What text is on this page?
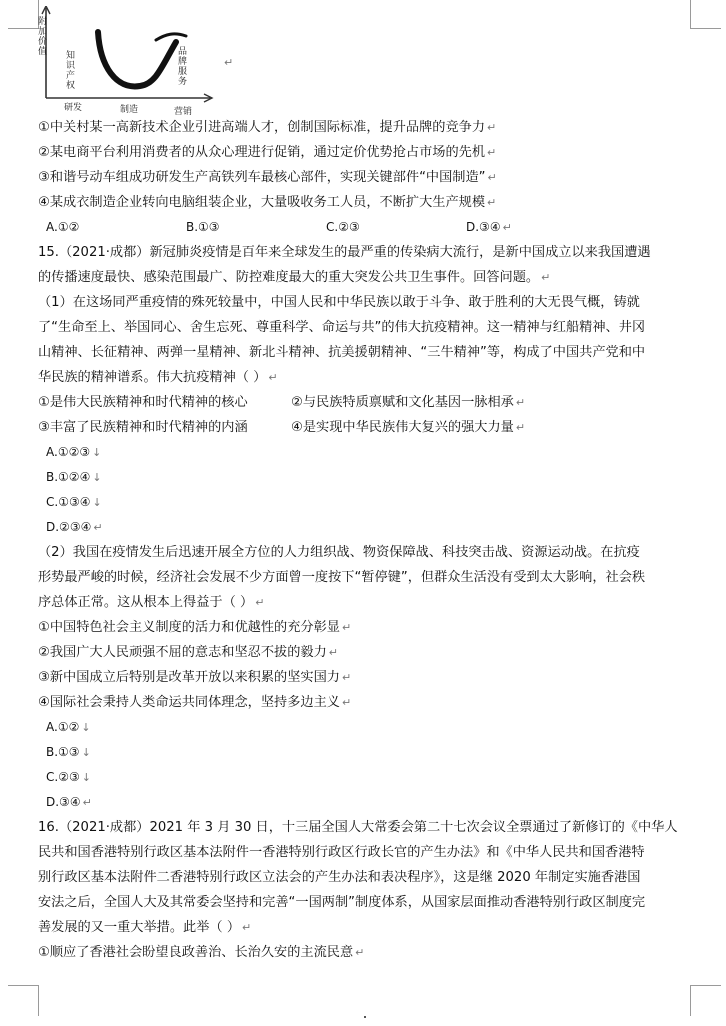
附加价值
知识产权	品牌服务
研发	制造	营销
↵
①中关村某一高新技术企业引进高端人才，创制国际标准，提升品牌的竞争力 ↵
②某电商平台利用消费者的从众心理进行促销，通过定价优势抢占市场的先机 ↵
③和谐号动车组成功研发生产高铁列车最核心部件，实现关键部件“中国制造” ↵
④某成衣制造企业转向电脑组装企业，大量吸收务工人员，不断扩大生产规模 ↵
A.①②	B.①③	C.②③	D.③④ ↵
15.（2021·成都）新冠肺炎疫情是百年来全球发生的最严重的传染病大流行，是新中国成立以来我国遭遇
的传播速度最快、感染范围最广、防控难度最大的重大突发公共卫生事件。回答问题。 ↵
（1）在这场同严重疫情的殊死较量中，中国人民和中华民族以敢于斗争、敢于胜利的大无畏气概，铸就
了“生命至上、举国同心、舍生忘死、尊重科学、命运与共”的伟大抗疫精神。这一精神与红船精神、井冈
山精神、长征精神、两弹一星精神、新北斗精神、抗美援朝精神、“三牛精神”等，构成了中国共产党和中
华民族的精神谱系。伟大抗疫精神（ ） ↵
①是伟大民族精神和时代精神的核心	②与民族特质禀赋和文化基因一脉相承 ↵
③丰富了民族精神和时代精神的内涵	④是实现中华民族伟大复兴的强大力量 ↵
A.①②③ ↓
B.①②④ ↓
C.①③④ ↓
D.②③④ ↵
（2）我国在疫情发生后迅速开展全方位的人力组织战、物资保障战、科技突击战、资源运动战。在抗疫
形势最严峻的时候，经济社会发展不少方面曾一度按下“暂停键”，但群众生活没有受到太大影响，社会秩
序总体正常。这从根本上得益于（ ） ↵
①中国特色社会主义制度的活力和优越性的充分彰显 ↵
②我国广大人民顽强不屈的意志和坚忍不拔的毅力 ↵
③新中国成立后特别是改革开放以来积累的坚实国力 ↵
④国际社会秉持人类命运共同体理念，坚持多边主义 ↵
A.①② ↓
B.①③ ↓
C.②③ ↓
D.③④ ↵
16.（2021·成都）2021 年 3 月 30 日，十三届全国人大常委会第二十七次会议全票通过了新修订的《中华人
民共和国香港特别行政区基本法附件一香港特别行政区行政长官的产生办法》和《中华人民共和国香港特
别行政区基本法附件二香港特别行政区立法会的产生办法和表决程序》，这是继 2020 年制定实施香港国
安法之后，全国人大及其常委会坚持和完善“一国两制”制度体系，从国家层面推动香港特别行政区制度完
善发展的又一重大举措。此举（ ） ↵
①顺应了香港社会盼望良政善治、长治久安的主流民意 ↵
